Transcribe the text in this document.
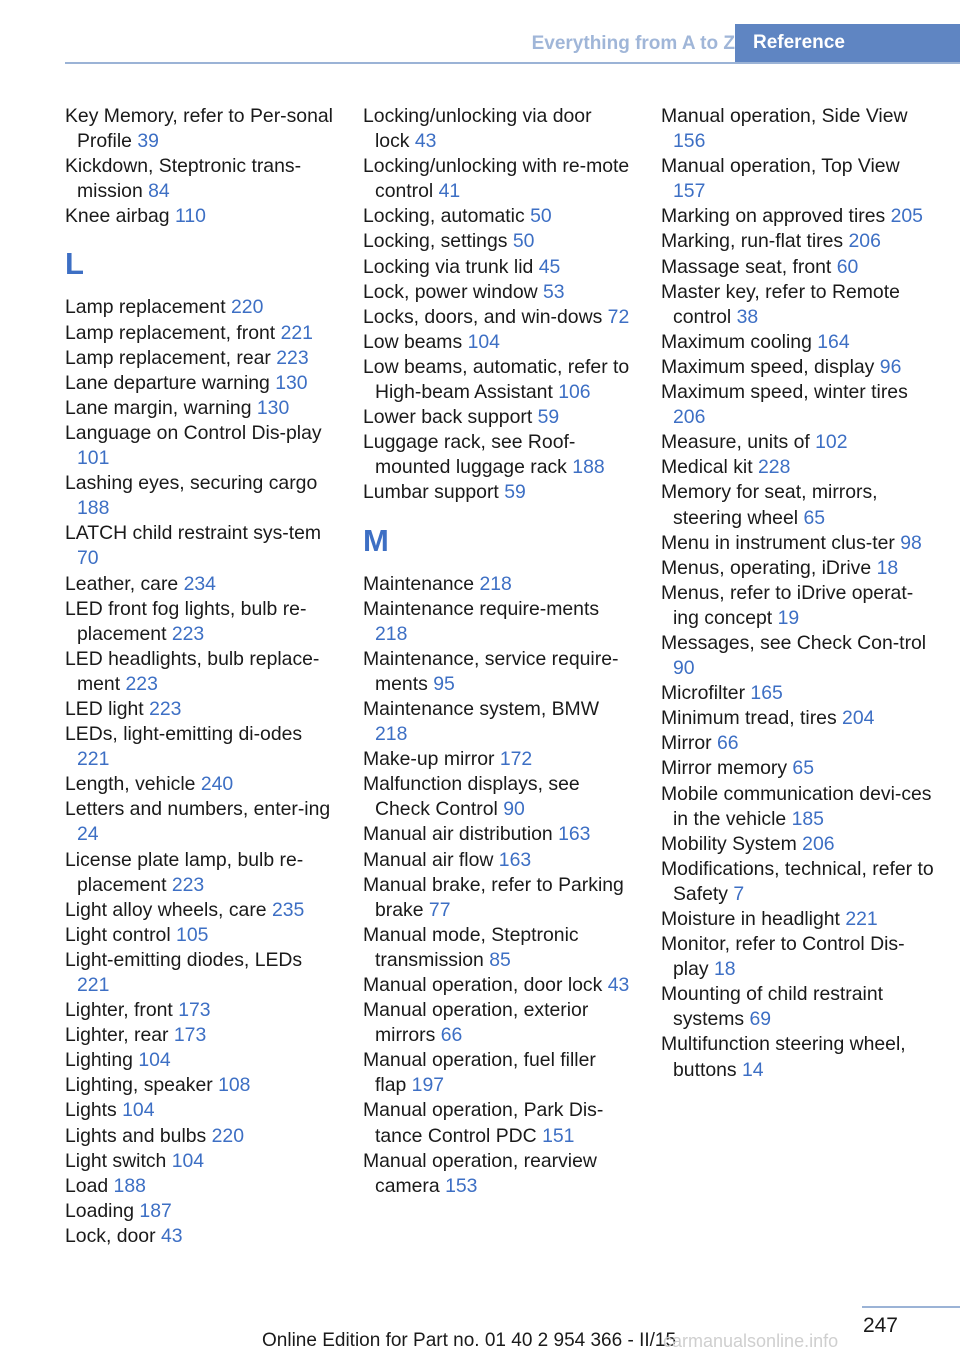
Everything from A to Z Reference
Key Memory, refer to Per‐sonal Profile 39
Kickdown, Steptronic trans‐mission 84
Knee airbag 110
L
Lamp replacement 220
Lamp replacement, front 221
Lamp replacement, rear 223
Lane departure warning 130
Lane margin, warning 130
Language on Control Dis‐play 101
Lashing eyes, securing cargo 188
LATCH child restraint sys‐tem 70
Leather, care 234
LED front fog lights, bulb re‐placement 223
LED headlights, bulb replace‐ment 223
LED light 223
LEDs, light-emitting di‐odes 221
Length, vehicle 240
Letters and numbers, enter‐ing 24
License plate lamp, bulb re‐placement 223
Light alloy wheels, care 235
Light control 105
Light-emitting diodes, LEDs 221
Lighter, front 173
Lighter, rear 173
Lighting 104
Lighting, speaker 108
Lights 104
Lights and bulbs 220
Light switch 104
Load 188
Loading 187
Lock, door 43
Locking/unlocking via door lock 43
Locking/unlocking with re‐mote control 41
Locking, automatic 50
Locking, settings 50
Locking via trunk lid 45
Lock, power window 53
Locks, doors, and win‐dows 72
Low beams 104
Low beams, automatic, refer to High-beam Assistant 106
Lower back support 59
Luggage rack, see Roof-mounted luggage rack 188
Lumbar support 59
M
Maintenance 218
Maintenance require‐ments 218
Maintenance, service require‐ments 95
Maintenance system, BMW 218
Make-up mirror 172
Malfunction displays, see Check Control 90
Manual air distribution 163
Manual air flow 163
Manual brake, refer to Parking brake 77
Manual mode, Steptronic transmission 85
Manual operation, door lock 43
Manual operation, exterior mirrors 66
Manual operation, fuel filler flap 197
Manual operation, Park Dis‐tance Control PDC 151
Manual operation, rearview camera 153
Manual operation, Side View 156
Manual operation, Top View 157
Marking on approved tires 205
Marking, run-flat tires 206
Massage seat, front 60
Master key, refer to Remote control 38
Maximum cooling 164
Maximum speed, display 96
Maximum speed, winter tires 206
Measure, units of 102
Medical kit 228
Memory for seat, mirrors, steering wheel 65
Menu in instrument clus‐ter 98
Menus, operating, iDrive 18
Menus, refer to iDrive operat‐ing concept 19
Messages, see Check Con‐trol 90
Microfilter 165
Minimum tread, tires 204
Mirror 66
Mirror memory 65
Mobile communication devi‐ces in the vehicle 185
Mobility System 206
Modifications, technical, refer to Safety 7
Moisture in headlight 221
Monitor, refer to Control Dis‐play 18
Mounting of child restraint systems 69
Multifunction steering wheel, buttons 14
247
Online Edition for Part no. 01 40 2 954 366 - II/15
carmanualsonline.info
